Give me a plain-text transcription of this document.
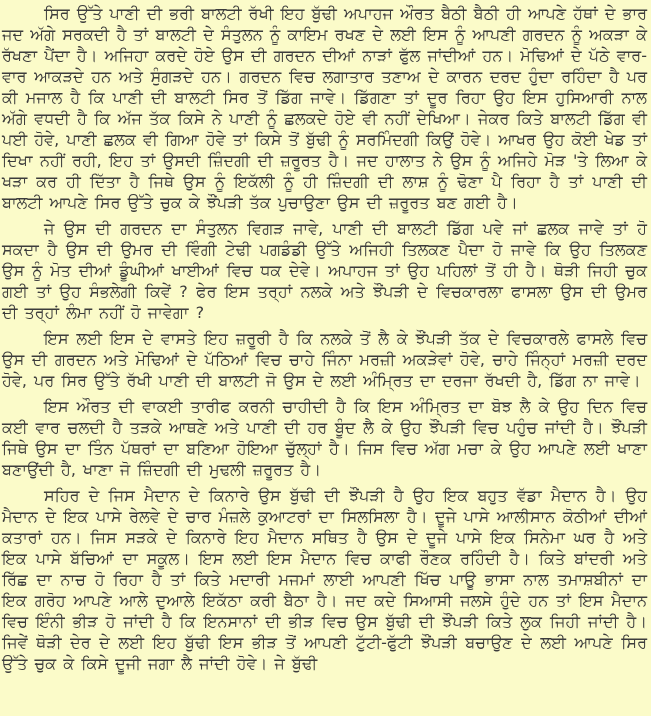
ਸਿਰ ਉੱਤੇ ਪਾਣੀ ਦੀ ਭਰੀ ਬਾਲਟੀ ਰੱਖੀ ਇਹ ਬੁੱਢੀ ਅਪਾਹਜ ਔਰਤ ਬੈਠੀ ਬੈਠੀ ਹੀ ਆਪਣੇ ਹੱਥਾਂ ਦੇ ਭਾਰ ਜਦ ਅੱਗੇ ਸਰਕਦੀ ਹੈ ਤਾਂ ਬਾਲਟੀ ਦੇ ਸੰਤੁਲਨ ਨੂੰ ਕਾਇਮ ਰਖਣ ਦੇ ਲਈ ਇਸ ਨੂੰ ਆਪਣੀ ਗਰਦਨ ਨੂੰ ਅਕੜਾ ਕੇ ਰੱਖਣਾ ਪੈਂਦਾ ਹੈ। ਅਜਿਹਾ ਕਰਦੇ ਹੋਏ ਉਸ ਦੀ ਗਰਦਨ ਦੀਆਂ ਨਾੜਾਂ ਫੁੱਲ ਜਾਂਦੀਆਂ ਹਨ। ਮੋਢਿਆਂ ਦੇ ਪੱਠੇ ਵਾਰ-ਵਾਰ ਆਕੜਦੇ ਹਨ ਅਤੇ ਸੁੰਗੜਦੇ ਹਨ। ਗਰਦਨ ਵਿਚ ਲਗਾਤਾਰ ਤਣਾਅ ਦੇ ਕਾਰਨ ਦਰਦ ਹੁੰਦਾ ਰਹਿੰਦਾ ਹੈ ਪਰ ਕੀ ਮਜਾਲ ਹੈ ਕਿ ਪਾਣੀ ਦੀ ਬਾਲਟੀ ਸਿਰ ਤੋਂ ਡਿੱਗ ਜਾਵੇ। ਡਿੱਗਣਾ ਤਾਂ ਦੂਰ ਰਿਹਾ ਉਹ ਇਸ ਹੁਸਿਆਰੀ ਨਾਲ ਅੱਗੇ ਵਧਦੀ ਹੈ ਕਿ ਅੱਜ ਤੱਕ ਕਿਸੇ ਨੇ ਪਾਣੀ ਨੂੰ ਛਲਕਦੇ ਹੋਏ ਵੀ ਨਹੀਂ ਦੇਖਿਆ। ਜੇਕਰ ਕਿਤੇ ਬਾਲਟੀ ਡਿੱਗ ਵੀ ਪਈ ਹੋਵੇ, ਪਾਣੀ ਛਲਕ ਵੀ ਗਿਆ ਹੋਵੇ ਤਾਂ ਕਿਸੇ ਤੋਂ ਬੁੱਢੀ ਨੂੰ ਸਰਮਿੰਦਗੀ ਕਿਉਂ ਹੋਵੇ। ਆਖਰ ਉਹ ਕੋਈ ਖੇਡ ਤਾਂ ਦਿਖਾ ਨਹੀਂ ਰਹੀ, ਇਹ ਤਾਂ ਉਸਦੀ ਜ਼ਿੰਦਗੀ ਦੀ ਜ਼ਰੂਰਤ ਹੈ। ਜਦ ਹਾਲਾਤ ਨੇ ਉਸ ਨੂੰ ਅਜਿਹੇ ਮੋੜ 'ਤੇ ਲਿਆ ਕੇ ਖੜਾ ਕਰ ਹੀ ਦਿੱਤਾ ਹੈ ਜਿਥੇ ਉਸ ਨੂੰ ਇਕੱਲੀ ਨੂੰ ਹੀ ਜ਼ਿੰਦਗੀ ਦੀ ਲਾਸ਼ ਨੂੰ ਢੋਣਾ ਪੈ ਰਿਹਾ ਹੈ ਤਾਂ ਪਾਣੀ ਦੀ ਬਾਲਟੀ ਆਪਣੇ ਸਿਰ ਉੱਤੇ ਚੁਕ ਕੇ ਝੌਂਪੜੀ ਤੱਕ ਪੁਚਾਉਣਾ ਉਸ ਦੀ ਜ਼ਰੂਰਤ ਬਣ ਗਈ ਹੈ।

ਜੇ ਉਸ ਦੀ ਗਰਦਨ ਦਾ ਸੰਤੁਲਨ ਵਿਗੜ ਜਾਵੇ, ਪਾਣੀ ਦੀ ਬਾਲਟੀ ਡਿੱਗ ਪਵੇ ਜਾਂ ਛਲਕ ਜਾਵੇ ਤਾਂ ਹੋ ਸਕਦਾ ਹੈ ਉਸ ਦੀ ਉਮਰ ਦੀ ਵਿੰਗੀ ਟੇਢੀ ਪਗਡੰਡੀ ਉੱਤੇ ਅਜਿਹੀ ਤਿਲਕਣ ਪੈਦਾ ਹੋ ਜਾਵੇ ਕਿ ਉਹ ਤਿਲਕਣ ਉਸ ਨੂੰ ਮੋਤ ਦੀਆਂ ਡੂੰਘੀਆਂ ਖਾਈਆਂ ਵਿਚ ਧਕ ਦੇਵੇ। ਅਪਾਹਜ ਤਾਂ ਉਹ ਪਹਿਲਾਂ ਤੋਂ ਹੀ ਹੈ। ਥੋੜੀ ਜਿਹੀ ਚੁਕ ਗਈ ਤਾਂ ਉਹ ਸੰਭਲੇਗੀ ਕਿਵੇਂ ? ਫੇਰ ਇਸ ਤਰ੍ਹਾਂ ਨਲਕੇ ਅਤੇ ਝੌਂਪੜੀ ਦੇ ਵਿਚਕਾਰਲਾ ਫਾਸਲਾ ਉਸ ਦੀ ਉਮਰ ਦੀ ਤਰ੍ਹਾਂ ਲੰਮਾ ਨਹੀਂ ਹੋ ਜਾਵੇਗਾ ?

ਇਸ ਲਈ ਇਸ ਦੇ ਵਾਸਤੇ ਇਹ ਜ਼ਰੂਰੀ ਹੈ ਕਿ ਨਲਕੇ ਤੋਂ ਲੈ ਕੇ ਝੌਂਪੜੀ ਤੱਕ ਦੇ ਵਿਚਕਾਰਲੇ ਫਾਸਲੇ ਵਿਚ ਉਸ ਦੀ ਗਰਦਨ ਅਤੇ ਮੋਢਿਆਂ ਦੇ ਪੱਠਿਆਂ ਵਿਚ ਚਾਹੇ ਜਿੰਨਾ ਮਰਜ਼ੀ ਅਕੜੇਵਾਂ ਹੋਵੇ, ਚਾਹੇ ਜਿੰਨ੍ਹਾਂ ਮਰਜ਼ੀ ਦਰਦ ਹੋਵੇ, ਪਰ ਸਿਰ ਉੱਤੇ ਰੱਖੀ ਪਾਣੀ ਦੀ ਬਾਲਟੀ ਜੋ ਉਸ ਦੇ ਲਈ ਅੰਮ੍ਰਿਤ ਦਾ ਦਰਜਾ ਰੱਖਦੀ ਹੈ, ਡਿੱਗ ਨਾ ਜਾਵੇ।

ਇਸ ਔਰਤ ਦੀ ਵਾਕਈ ਤਾਰੀਫ ਕਰਨੀ ਚਾਹੀਦੀ ਹੈ ਕਿ ਇਸ ਅੰਮ੍ਰਿਤ ਦਾ ਬੋਝ ਲੈ ਕੇ ਉਹ ਦਿਨ ਵਿਚ ਕਈ ਵਾਰ ਚਲਦੀ ਹੈ ਤੜਕੇ ਆਥਣੇ ਅਤੇ ਪਾਣੀ ਦੀ ਹਰ ਬੂੰਦ ਲੈ ਕੇ ਉਹ ਝੌਂਪੜੀ ਵਿਚ ਪਹੁੰਚ ਜਾਂਦੀ ਹੈ। ਝੌਂਪੜੀ ਜਿਥੇ ਉਸ ਦਾ ਤਿੰਨ ਪੱਥਰਾਂ ਦਾ ਬਣਿਆ ਹੋਇਆ ਚੁੱਲ੍ਹਾਂ ਹੈ। ਜਿਸ ਵਿਚ ਅੱਗ ਮਚਾ ਕੇ ਉਹ ਆਪਣੇ ਲਈ ਖਾਣਾ ਬਣਾਉਂਦੀ ਹੈ, ਖਾਣਾ ਜੋ ਜ਼ਿੰਦਗੀ ਦੀ ਮੁਢਲੀ ਜ਼ਰੂਰਤ ਹੈ।

ਸਹਿਰ ਦੇ ਜਿਸ ਮੈਦਾਨ ਦੇ ਕਿਨਾਰੇ ਉਸ ਬੁੱਢੀ ਦੀ ਝੌਂਪੜੀ ਹੈ ਉਹ ਇਕ ਬਹੁਤ ਵੱਡਾ ਮੈਦਾਨ ਹੈ। ਉਹ ਮੈਦਾਨ ਦੇ ਇਕ ਪਾਸੇ ਰੇਲਵੇ ਦੇ ਚਾਰ ਮੰਜ਼ਲੇ ਕੁਆਟਰਾਂ ਦਾ ਸਿਲਸਿਲਾ ਹੈ। ਦੂਜੇ ਪਾਸੇ ਆਲੀਸਾਨ ਕੋਠੀਆਂ ਦੀਆਂ ਕਤਾਰਾਂ ਹਨ। ਜਿਸ ਸੜਕੇ ਦੇ ਕਿਨਾਰੇ ਇਹ ਮੈਦਾਨ ਸਥਿਤ ਹੈ ਉਸ ਦੇ ਦੂਜੇ ਪਾਸੇ ਇਕ ਸਿਨੇਮਾ ਘਰ ਹੈ ਅਤੇ ਇਕ ਪਾਸੇ ਬੱਚਿਆਂ ਦਾ ਸਕੂਲ। ਇਸ ਲਈ ਇਸ ਮੈਦਾਨ ਵਿਚ ਕਾਫੀ ਰੌਣਕ ਰਹਿੰਦੀ ਹੈ। ਕਿਤੇ ਬਾਂਦਰੀ ਅਤੇ ਰਿੱਛ ਦਾ ਨਾਚ ਹੋ ਰਿਹਾ ਹੈ ਤਾਂ ਕਿਤੇ ਮਦਾਰੀ ਮਜਮਾਂ ਲਾਈ ਆਪਣੀ ਖਿੱਚ ਪਾਊ ਭਾਸਾ ਨਾਲ ਤਮਾਸ਼ਬੀਨਾਂ ਦਾ ਇਕ ਗਰੋਹ ਆਪਣੇ ਆਲੇ ਦੁਆਲੇ ਇਕੱਠਾ ਕਰੀ ਬੈਠਾ ਹੈ। ਜਦ ਕਦੇ ਸਿਆਸੀ ਜਲਸੇ ਹੁੰਦੇ ਹਨ ਤਾਂ ਇਸ ਮੈਦਾਨ ਵਿਚ ਇੰਨੀ ਭੀੜ ਹੋ ਜਾਂਦੀ ਹੈ ਕਿ ਇਨਸਾਨਾਂ ਦੀ ਭੀੜ ਵਿਚ ਉਸ ਬੁੱਢੀ ਦੀ ਝੌਂਪੜੀ ਕਿਤੇ ਲੁਕ ਜਿਹੀ ਜਾਂਦੀ ਹੈ। ਜਿਵੇਂ ਥੋੜੀ ਦੇਰ ਦੇ ਲਈ ਇਹ ਬੁੱਢੀ ਇਸ ਭੀੜ ਤੋਂ ਆਪਣੀ ਟੁੱਟੀ-ਫੁੱਟੀ ਝੌਂਪੜੀ ਬਚਾਉਣ ਦੇ ਲਈ ਆਪਣੇ ਸਿਰ ਉੱਤੇ ਚੁਕ ਕੇ ਕਿਸੇ ਦੂਜੀ ਜਗਾ ਲੈ ਜਾਂਦੀ ਹੋਵੇ। ਜੇ ਬੁੱਢੀ
